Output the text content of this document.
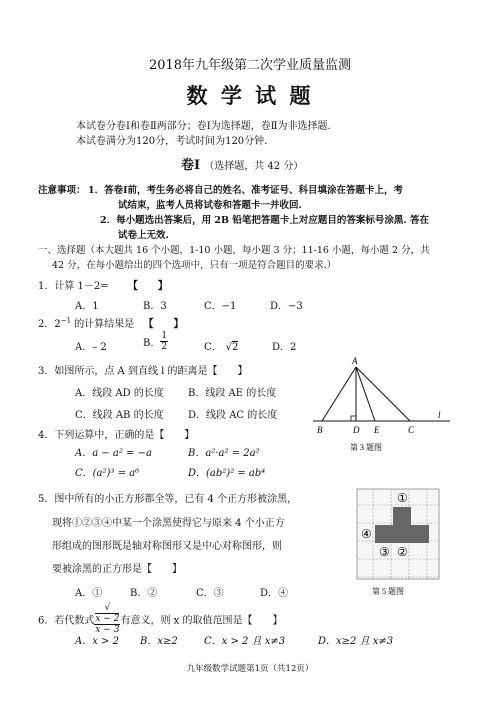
2018年九年级第二次学业质量监测
数 学 试 题
本试卷分卷Ⅰ和卷Ⅱ两部分；卷Ⅰ为选择题，卷Ⅱ为非选择题.
本试卷满分为120分，考试时间为120分钟.
卷Ⅰ （选择题，共 42 分）
注意事项： 1．答卷Ⅰ前，考生务必将自己的姓名、准考证号、科目填涂在答题卡上，考
试结束，监考人员将试卷和答题卡一并收回.
2．每小题选出答案后，用 2B 铅笔把答题卡上对应题目的答案标号涂黑. 答在
试卷上无效.
一、选择题（本大题共 16 个小题，1-10 小题，每小题 3 分；11-16 小题，每小题 2 分，共
42 分，在每小题给出的四个选项中，只有一项是符合题目的要求.）
1．计算 1－2= 【　　】
A．1	B．3	C．−1	D．−3
2．$2^{-1}$ 的计算结果是 【　　】
A．– 2	B． $\frac{1}{2}$	C． √2	D．2
3．如图所示，点 A 到直线 l 的距离是【　　】
A．线段 AD 的长度 B．线段 AE 的长度
C．线段 AB 的长度 D．线段 AC 的长度
A
B	D E	C
l
第 3 题图
4．下列运算中，正确的是【　　】
A．a − a² = −a	B．a²·a² = 2a²
C．(a²)³ = a⁶	D．(ab²)² = ab⁴
5．图中所有的小正方形都全等，已有 4 个正方形被涂黑，
现将①②③④中某一个涂黑使得它与原来 4 个小正方
形组成的图形既是轴对称图形又是中心对称图形，则
要被涂黑的正方形是【　　】
A．①	B．②	C．③	D．④
①
②
③
④
第 5 题图
6．若代数式 √
x − 2
x − 3 有意义，则 x 的取值范围是【　　】
A．x > 2 B．x≥2	C．x > 2 且 x≠3	D．x≥2 且 x≠3
九年级数学试题第1页（共12页）
